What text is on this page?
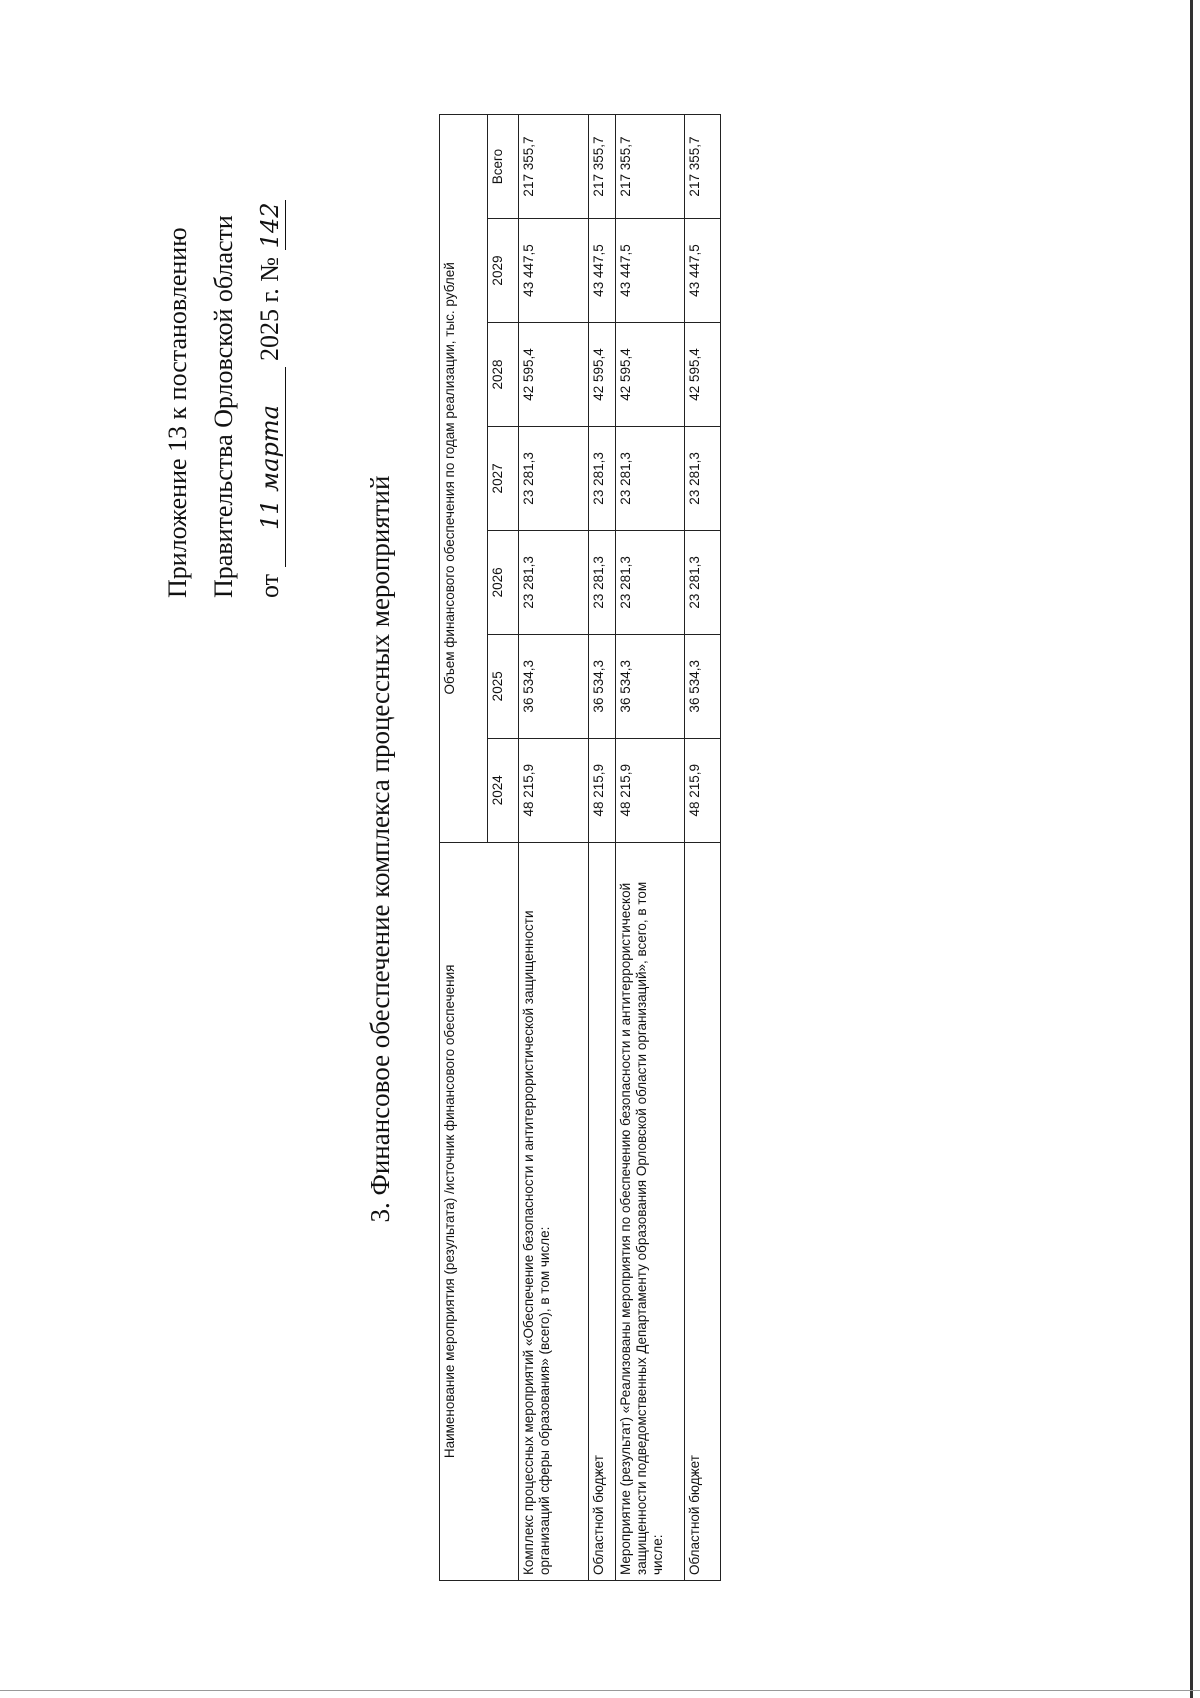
Приложение 13 к постановлению Правительства Орловской области от 11 марта 2025 г. № 142
3. Финансовое обеспечение комплекса процессных мероприятий	Наименование мероприятия (результата) /источник финансового обеспечения	Объем финансового обеспечения по годам реализации, тыс. рублей						
	2024	2025	2026	2027	2028	2029	Всего
Комплекс процессных мероприятий «Обеспечение безопасности и антитеррористической защищенности организаций сферы образования» (всего), в том числе:	48 215,9	36 534,3	23 281,3	23 281,3	42 595,4	43 447,5	217 355,7
Областной бюджет	48 215,9	36 534,3	23 281,3	23 281,3	42 595,4	43 447,5	217 355,7
Мероприятие (результат) «Реализованы мероприятия по обеспечению безопасности и антитеррористической защищенности подведомственных Департаменту образования Орловской области организаций», всего, в том числе:	48 215,9	36 534,3	23 281,3	23 281,3	42 595,4	43 447,5	217 355,7
Областной бюджет	48 215,9	36 534,3	23 281,3	23 281,3	42 595,4	43 447,5	217 355,7
